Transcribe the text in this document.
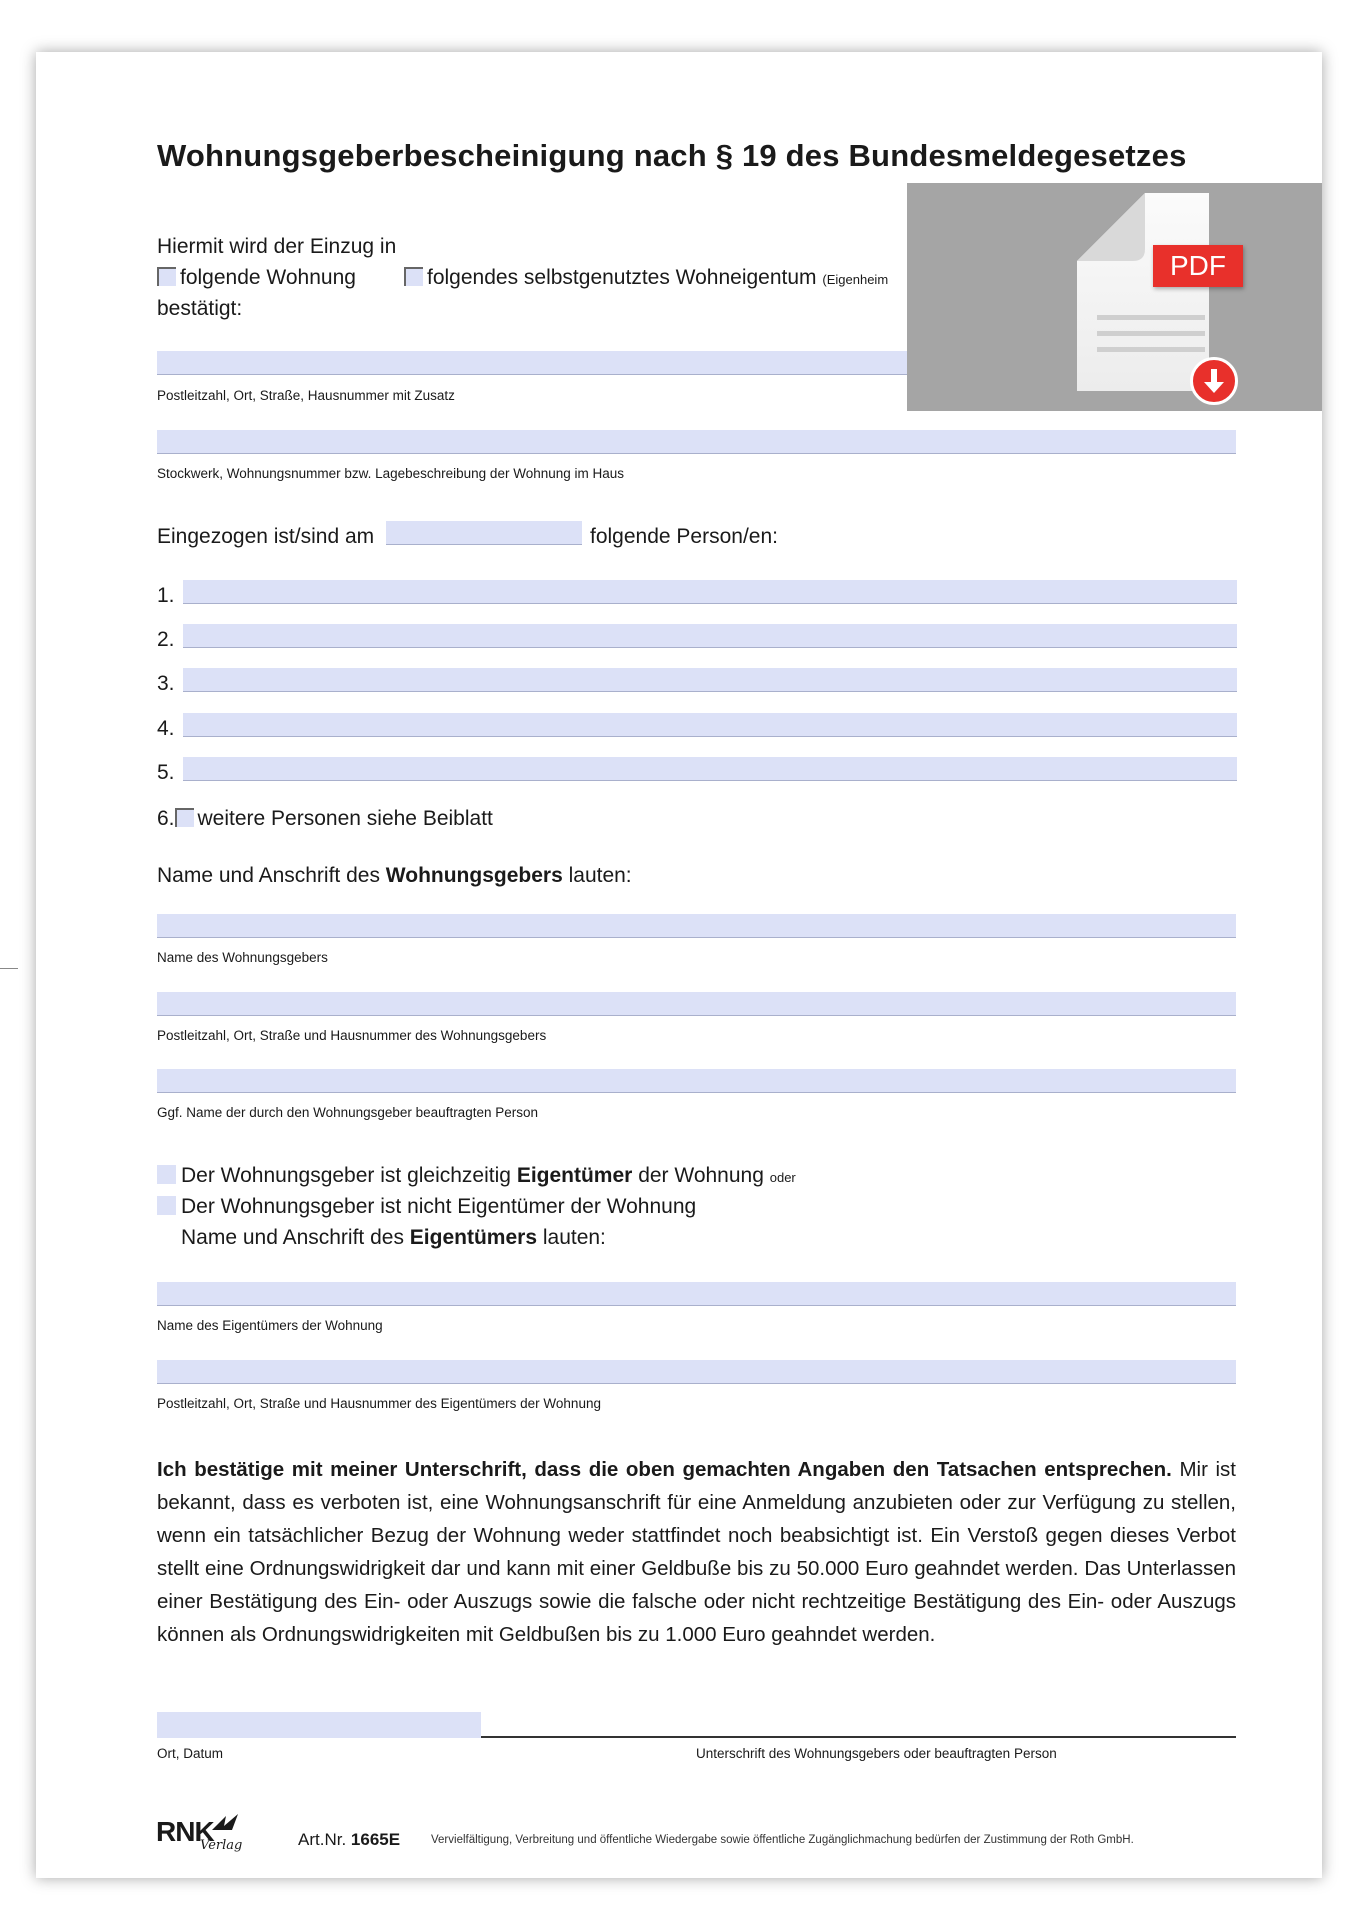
Wohnungsgeberbescheinigung nach § 19 des Bundesmeldegesetzes
Hiermit wird der Einzug in
folgende Wohnung	folgendes selbstgenutztes Wohneigentum (Eigenheim
bestätigt:
Postleitzahl, Ort, Straße, Hausnummer mit Zusatz
Stockwerk, Wohnungsnummer bzw. Lagebeschreibung der Wohnung im Haus
Eingezogen ist/sind am	folgende Person/en:
1.
2.
3.
4.
5.
6. weitere Personen siehe Beiblatt
Name und Anschrift des Wohnungsgebers lauten:
Name des Wohnungsgebers
Postleitzahl, Ort, Straße und Hausnummer des Wohnungsgebers
Ggf. Name der durch den Wohnungsgeber beauftragten Person
Der Wohnungsgeber ist gleichzeitig Eigentümer der Wohnung oder
Der Wohnungsgeber ist nicht Eigentümer der Wohnung
Name und Anschrift des Eigentümers lauten:
Name des Eigentümers der Wohnung
Postleitzahl, Ort, Straße und Hausnummer des Eigentümers der Wohnung
Ich bestätige mit meiner Unterschrift, dass die oben gemachten Angaben den Tatsachen entsprechen. Mir ist bekannt, dass es verboten ist, eine Wohnungsanschrift für eine Anmeldung anzubieten oder zur Verfügung zu stellen, wenn ein tatsächlicher Bezug der Wohnung weder stattfindet noch beabsichtigt ist. Ein Verstoß gegen dieses Verbot stellt eine Ordnungswidrigkeit dar und kann mit einer Geldbuße bis zu 50.000 Euro geahndet werden. Das Unterlassen einer Bestätigung des Ein- oder Auszugs sowie die falsche oder nicht rechtzeitige Bestätigung des Ein- oder Auszugs können als Ordnungswidrigkeiten mit Geldbußen bis zu 1.000 Euro geahndet werden.
Ort, Datum	Unterschrift des Wohnungsgebers oder beauftragten Person
RNK
Verlag	Art.Nr. 1665E	Vervielfältigung, Verbreitung und öffentliche Wiedergabe sowie öffentliche Zugänglichmachung bedürfen der Zustimmung der Roth GmbH.
PDF
